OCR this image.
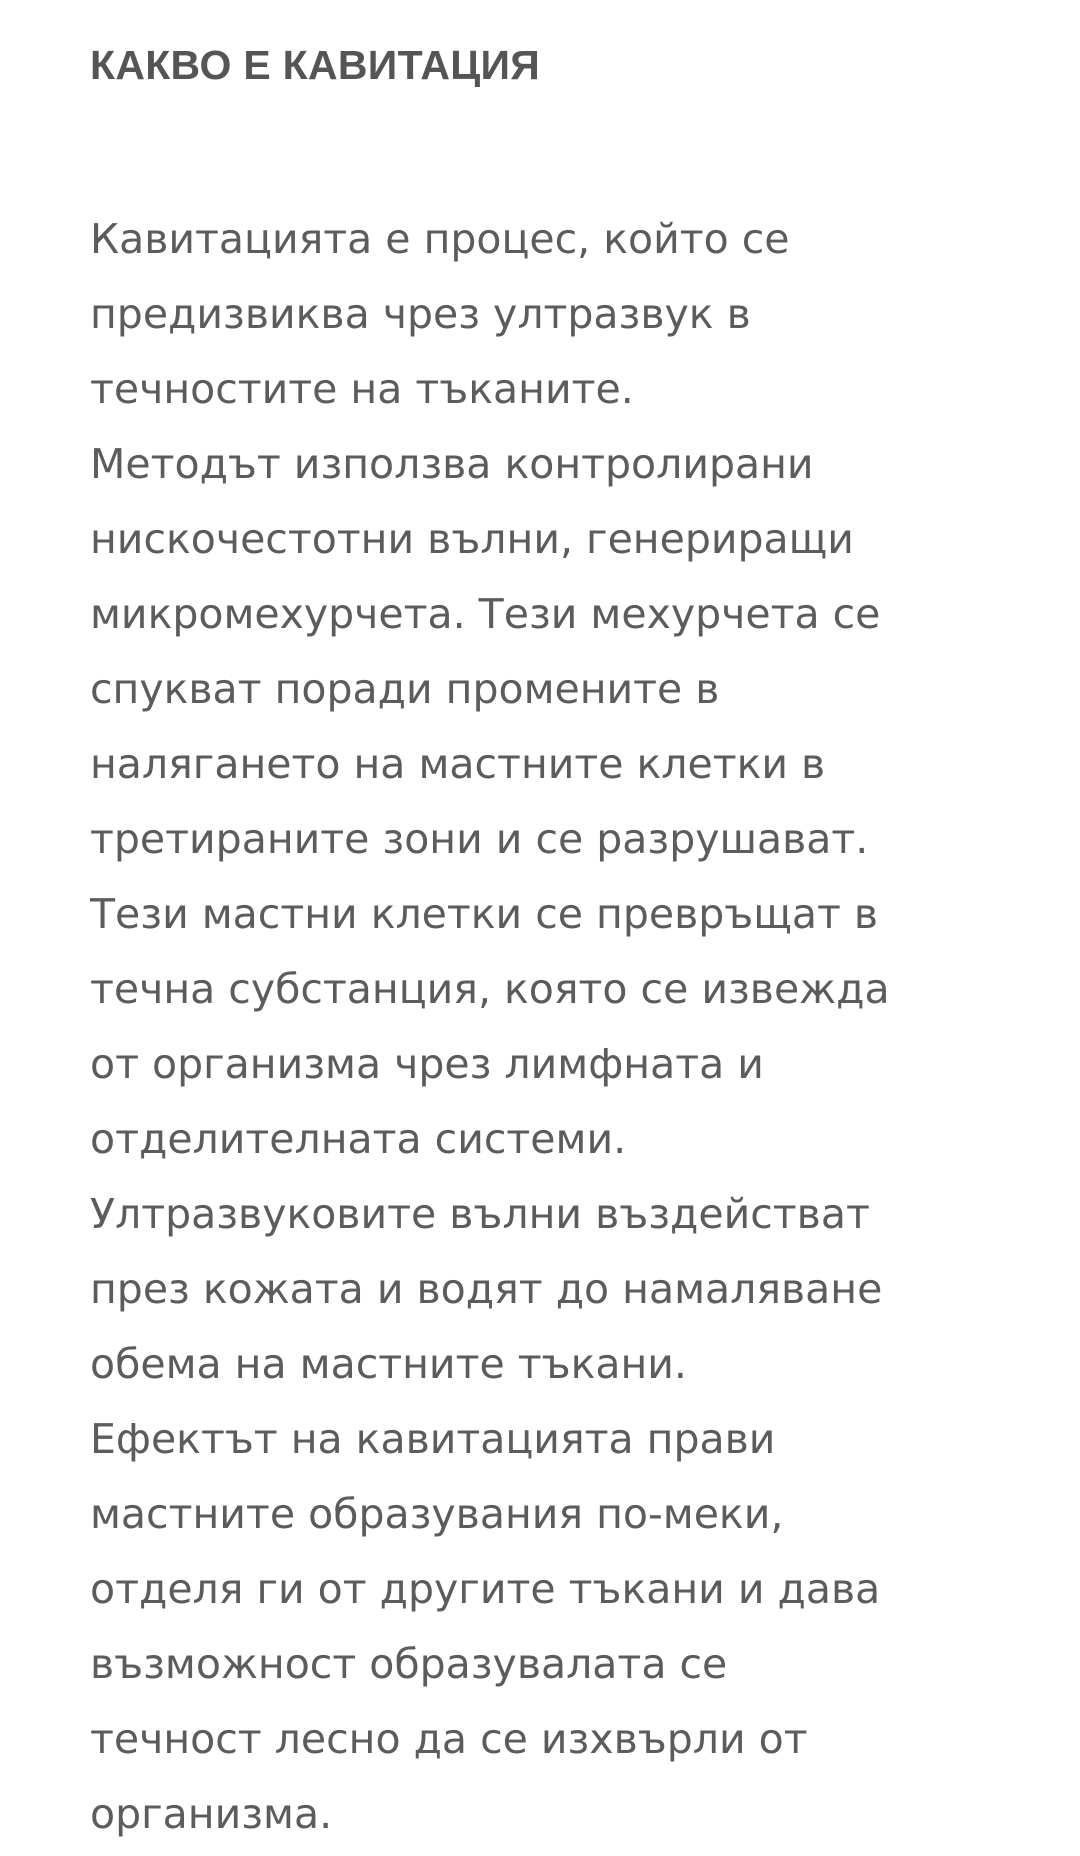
КАКВО Е КАВИТАЦИЯ
Кавитацията е процес, който се
предизвиква чрез ултразвук в
течностите на тъканите.
Методът използва контролирани
нискочестотни вълни, генериращи
микромехурчета. Тези мехурчета се
спукват поради промените в
налягането на мастните клетки в
третираните зони и се разрушават.
Тези мастни клетки се превръщат в
течна субстанция, която се извежда
от организма чрез лимфната и
отделителната системи.
Ултразвуковите вълни въздействат
през кожата и водят до намаляване
обема на мастните тъкани.
Ефектът на кавитацията прави
мастните образувания по-меки,
отделя ги от другите тъкани и дава
възможност образувалата се
течност лесно да се изхвърли от
организма.
